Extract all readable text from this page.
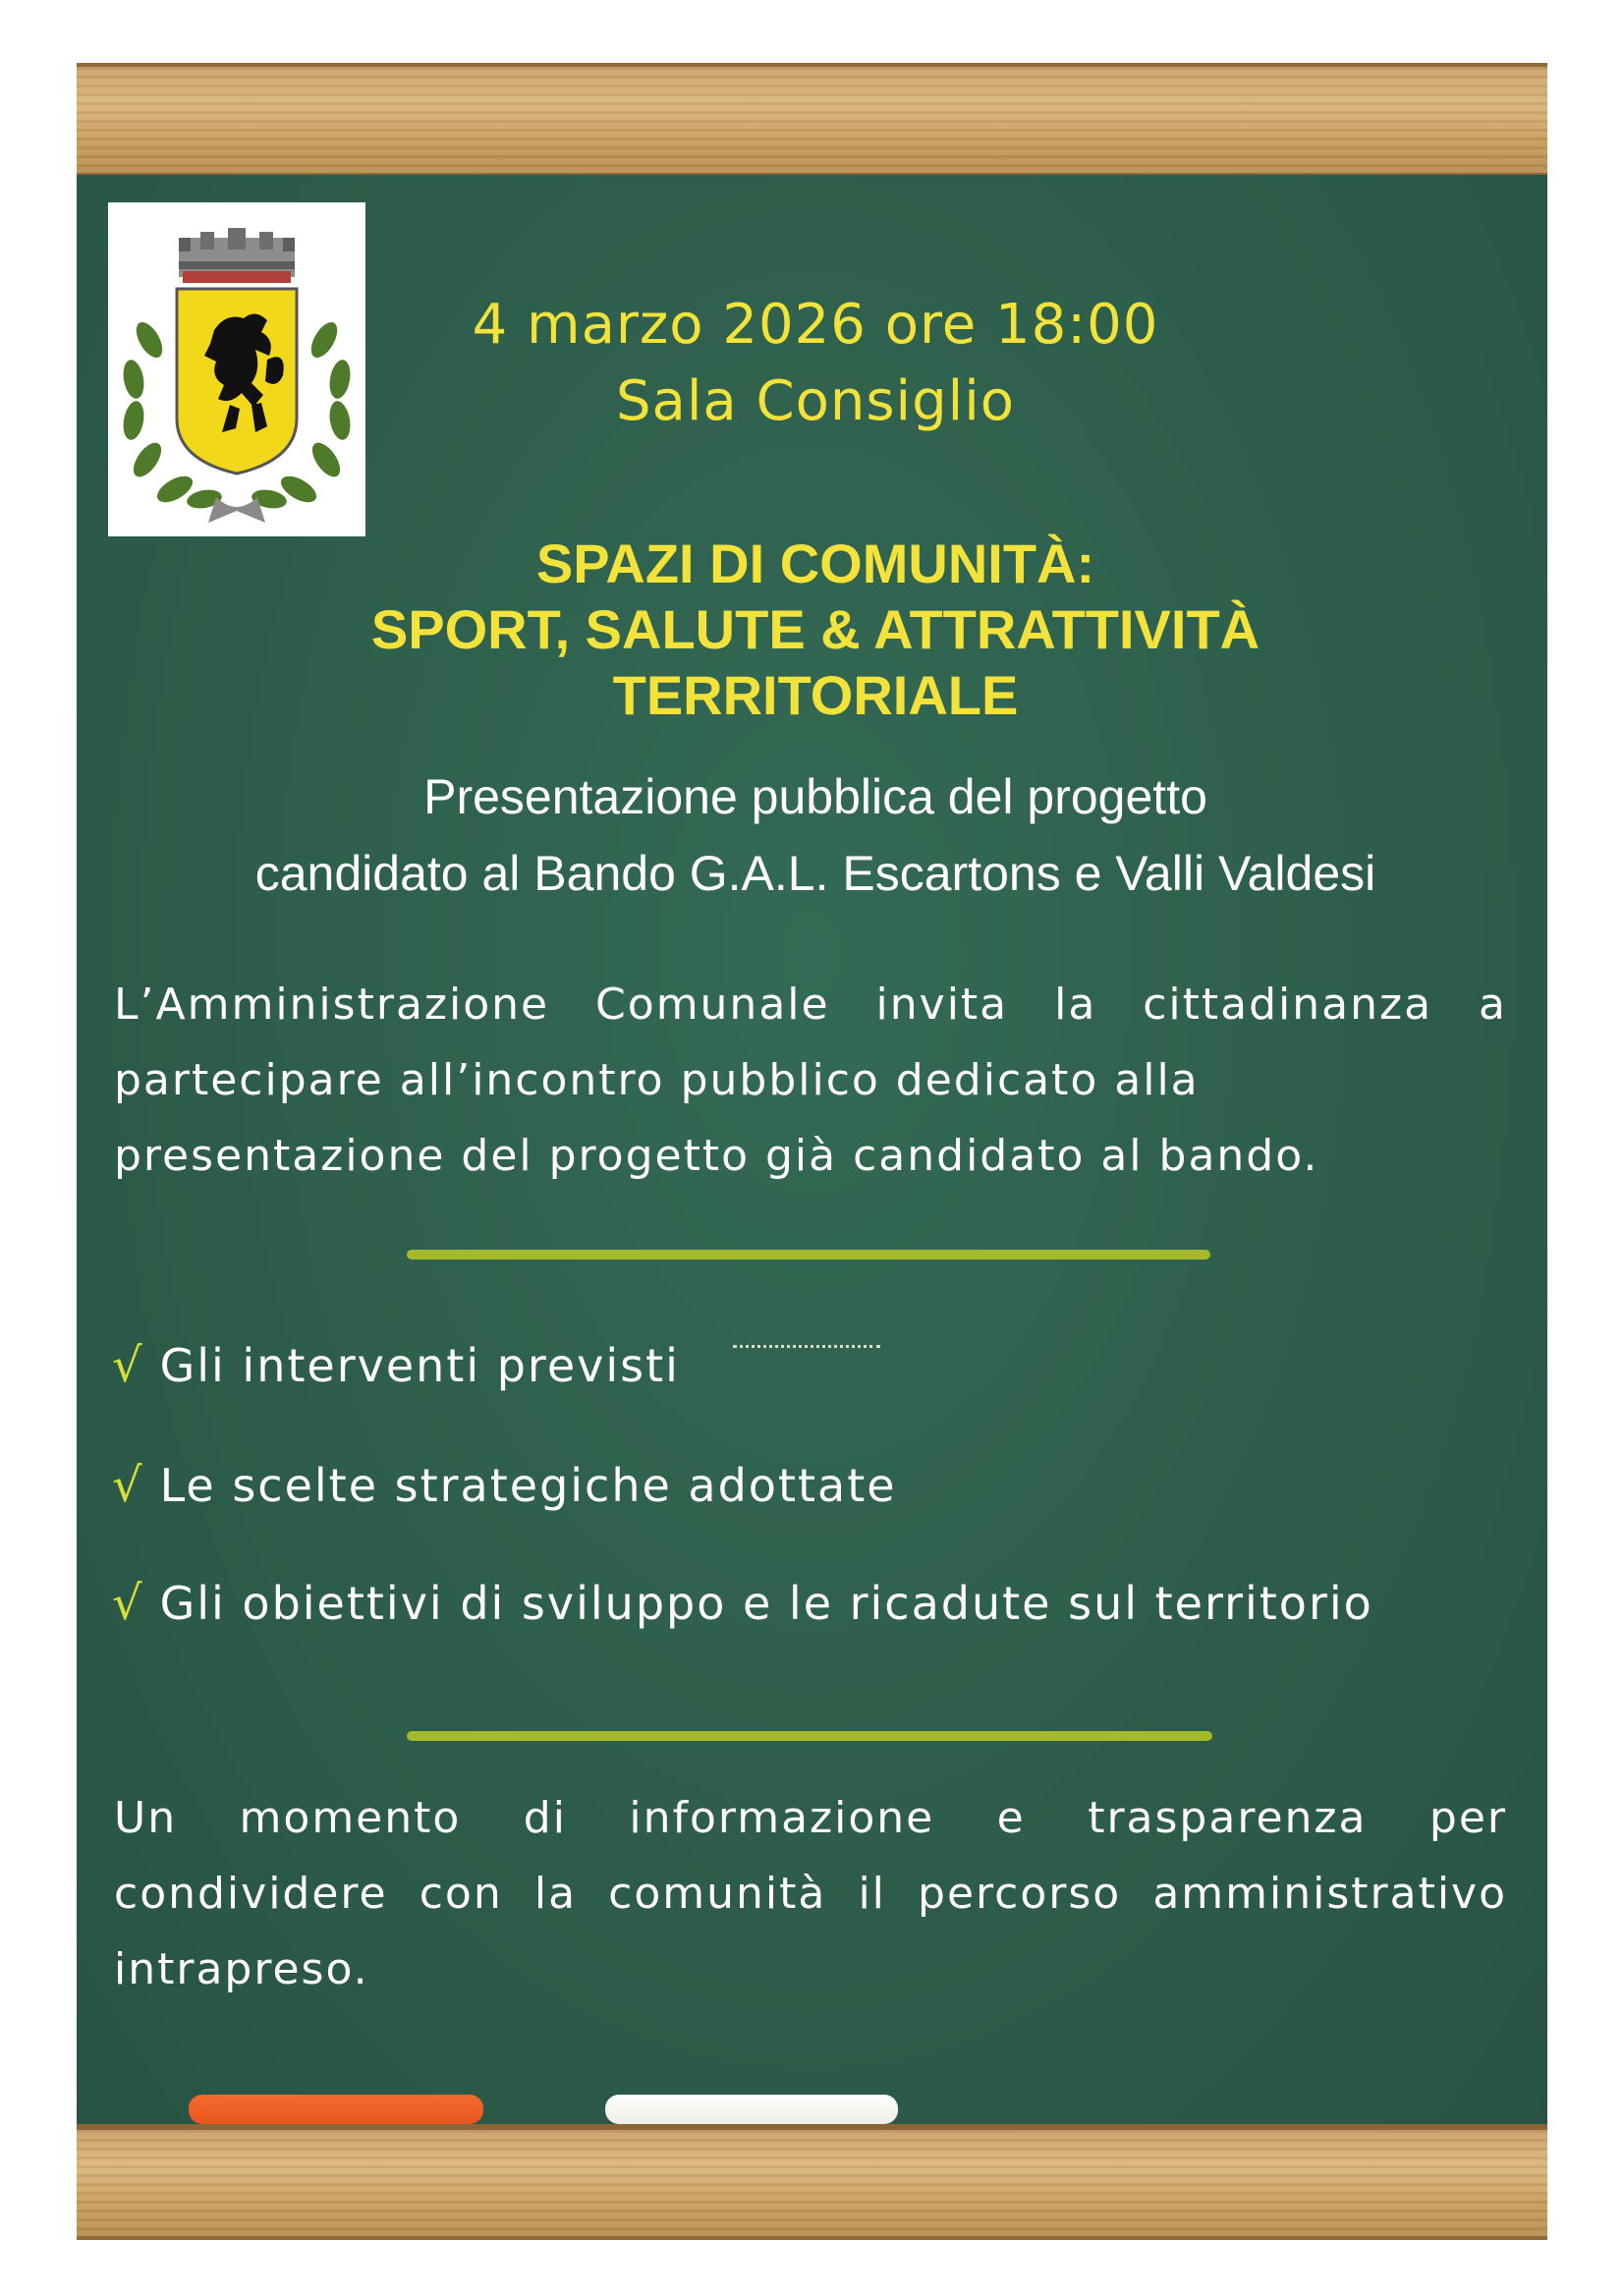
4 marzo 2026 ore 18:00
Sala Consiglio
SPAZI DI COMUNITÀ:
SPORT, SALUTE & ATTRATTIVITÀ
TERRITORIALE
Presentazione pubblica del progetto
candidato al Bando G.A.L. Escartons e Valli Valdesi
L’Amministrazione Comunale invita la cittadinanza a
partecipare all’incontro pubblico dedicato alla
presentazione del progetto già candidato al bando.
√ Gli interventi previsti
√ Le scelte strategiche adottate
√ Gli obiettivi di sviluppo e le ricadute sul territorio
Un momento di informazione e trasparenza per
condividere con la comunità il percorso amministrativo
intrapreso.
